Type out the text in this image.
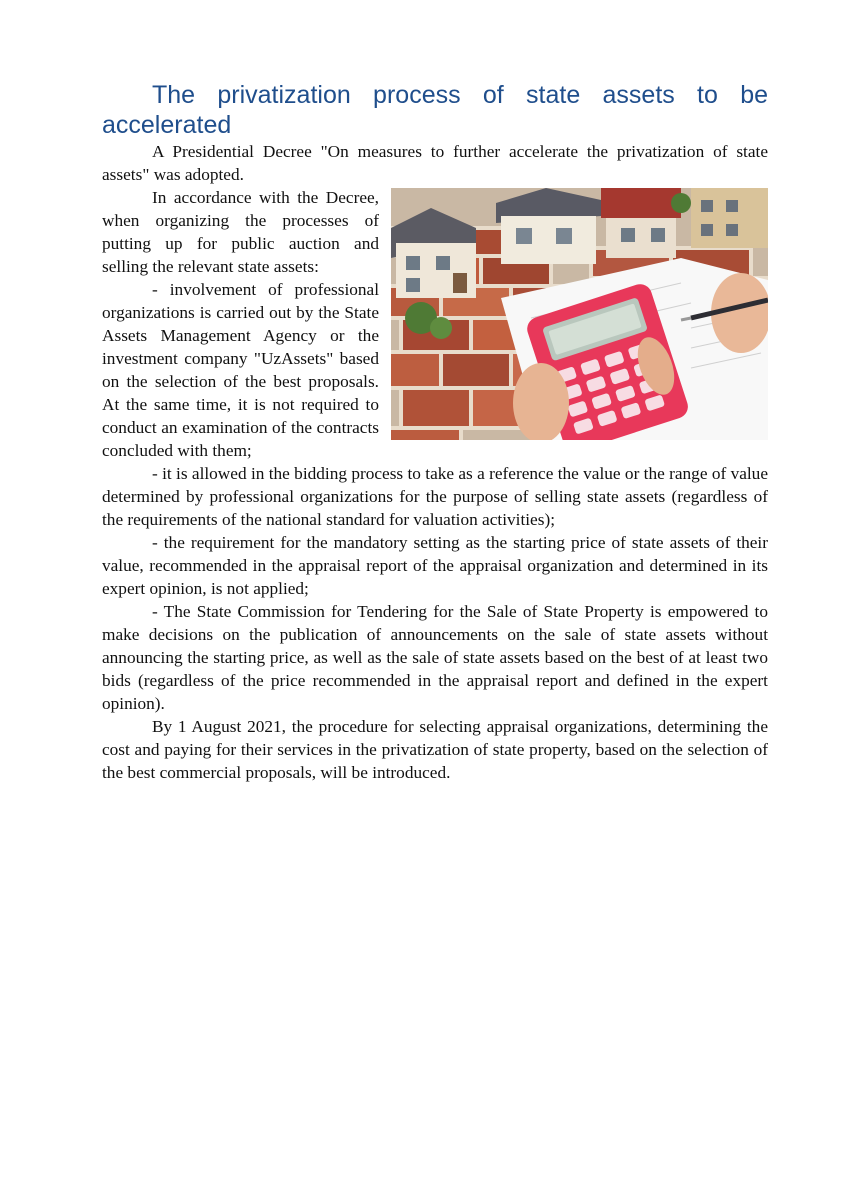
The privatization process of state assets to be accelerated

A Presidential Decree "On measures to further accelerate the privatization of state assets" was adopted.

In accordance with the Decree, when organizing the processes of putting up for public auction and selling the relevant state assets:

- involvement of professional organizations is carried out by the State Assets Management Agency or the investment company "UzAssets" based on the selection of the best proposals. At the same time, it is not required to conduct an examination of the contracts concluded with them;

- it is allowed in the bidding process to take as a reference the value or the range of value determined by professional organizations for the purpose of selling state assets (regardless of the requirements of the national standard for valuation activities);

- the requirement for the mandatory setting as the starting price of state assets of their value, recommended in the appraisal report of the appraisal organization and determined in its expert opinion, is not applied;

- The State Commission for Tendering for the Sale of State Property is empowered to make decisions on the publication of announcements on the sale of state assets without announcing the starting price, as well as the sale of state assets based on the best of at least two bids (regardless of the price recommended in the appraisal report and defined in the expert opinion).

By 1 August 2021, the procedure for selecting appraisal organizations, determining the cost and paying for their services in the privatization of state property, based on the selection of the best commercial proposals, will be introduced.
